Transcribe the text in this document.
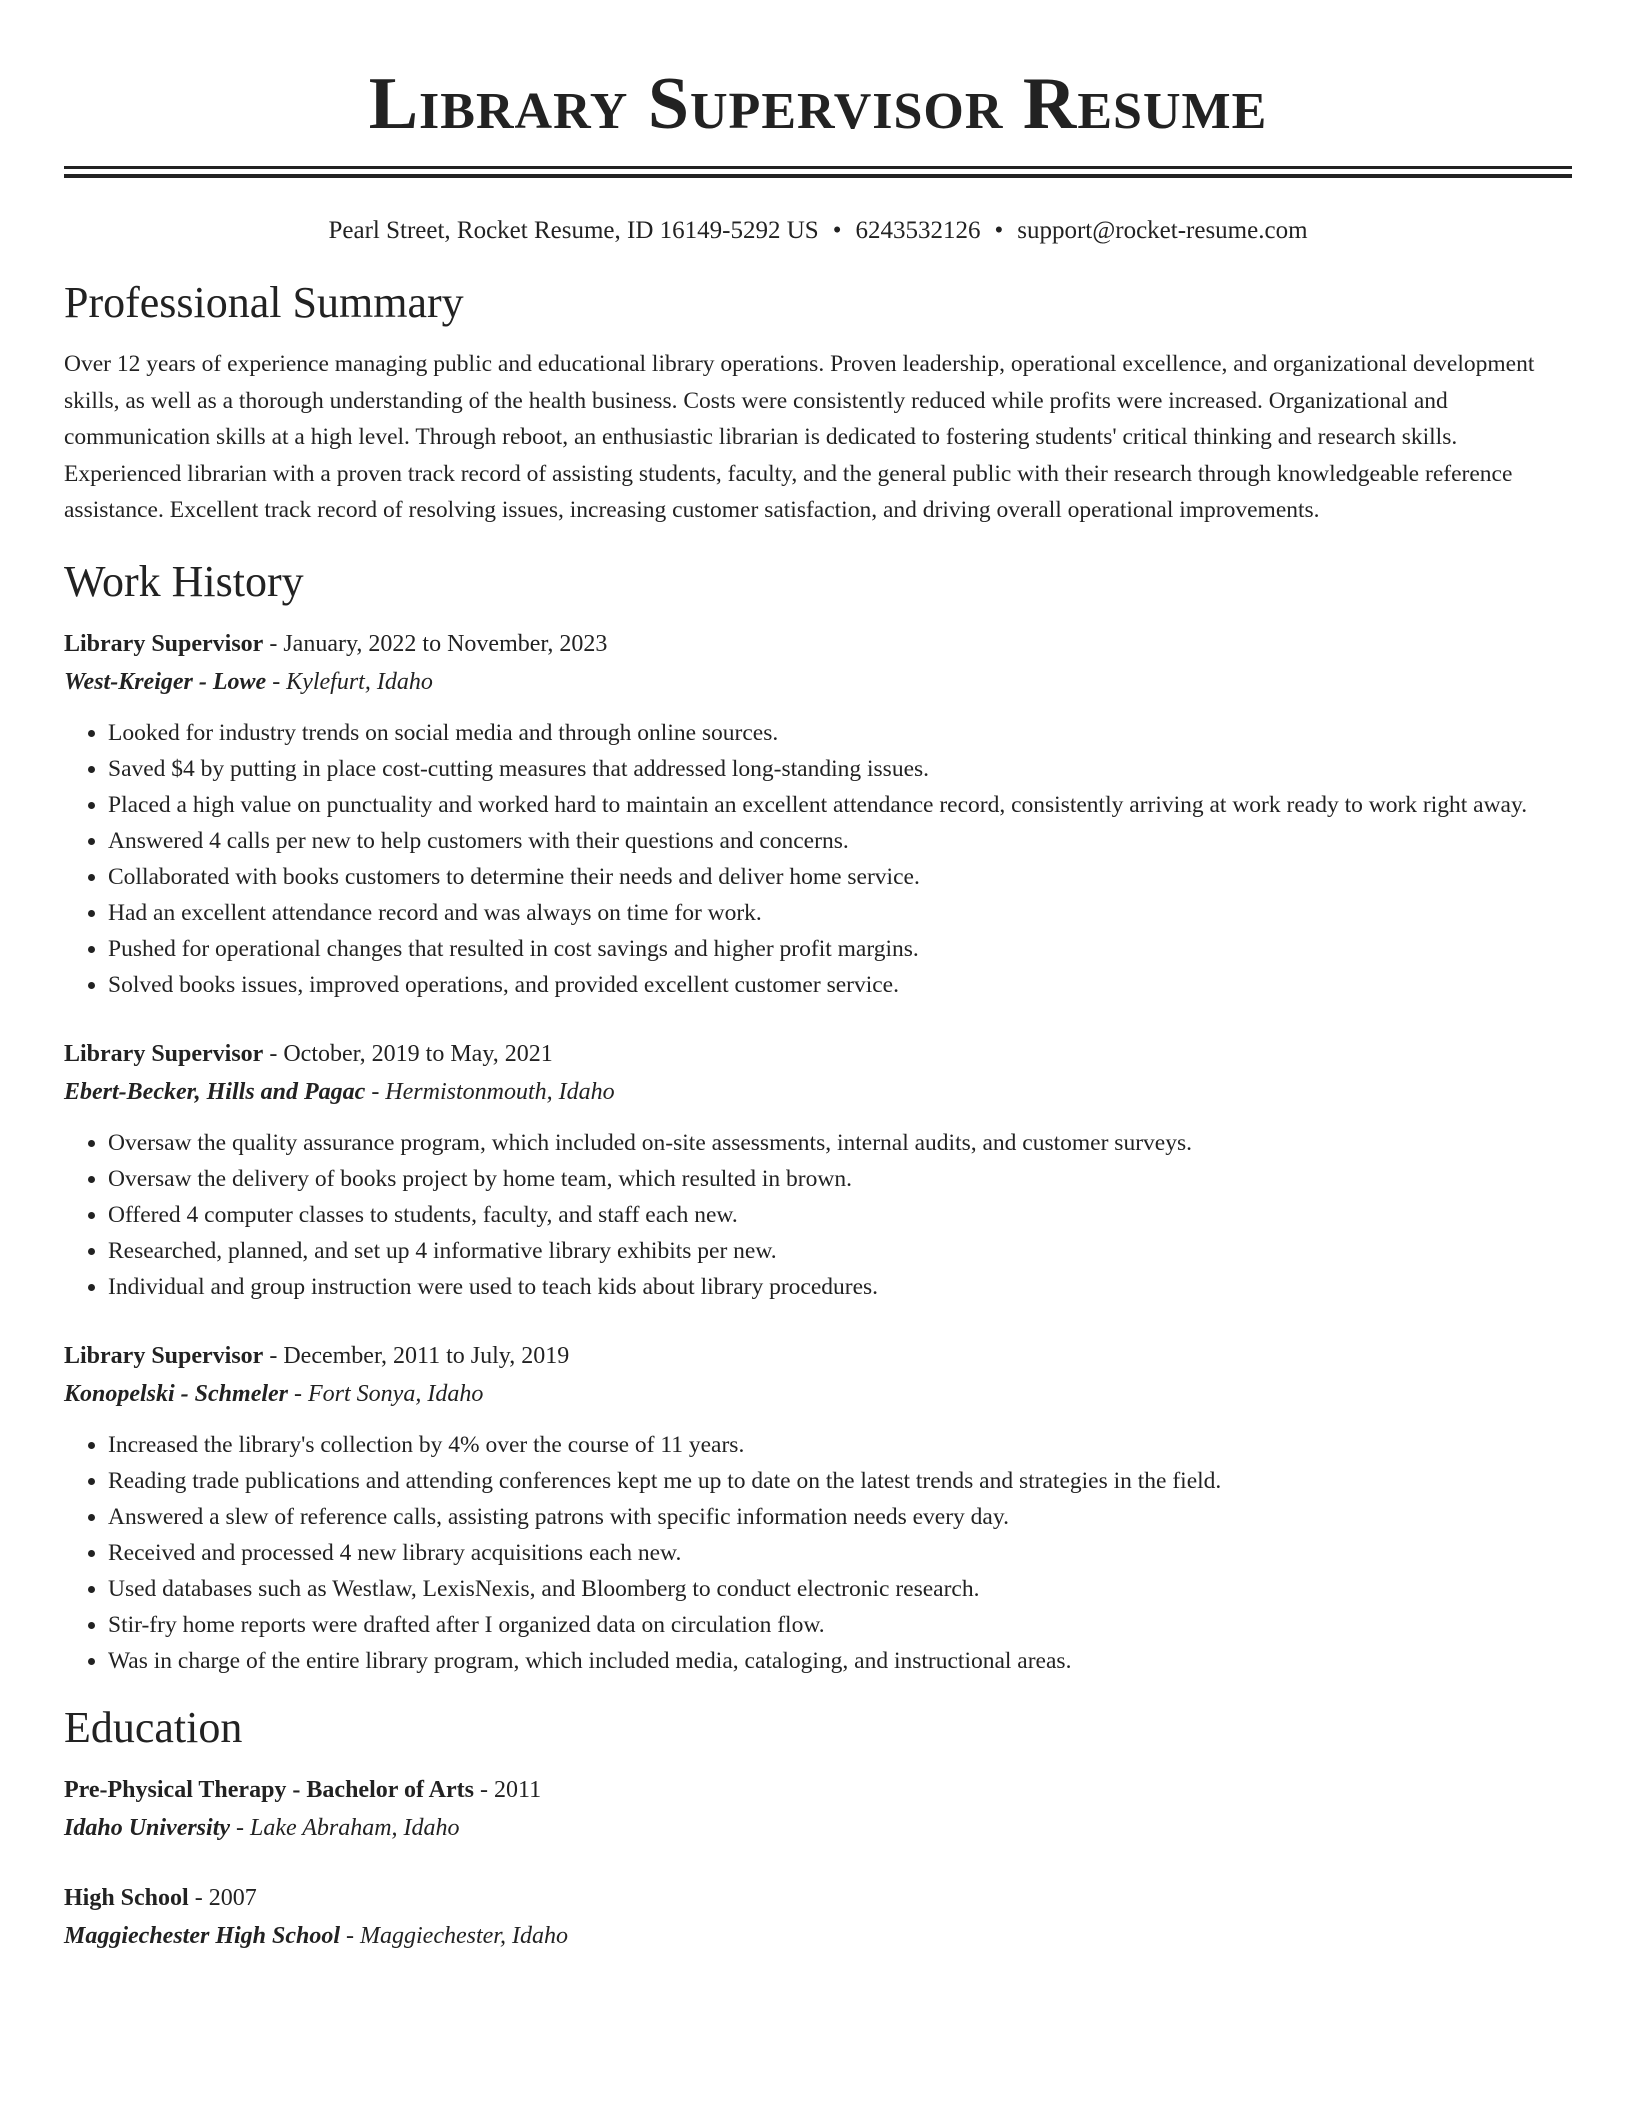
Library Supervisor Resume
Pearl Street, Rocket Resume, ID 16149-5292 US • 6243532126 • support@rocket-resume.com
Professional Summary

Over 12 years of experience managing public and educational library operations. Proven leadership, operational excellence, and organizational development skills, as well as a thorough understanding of the health business. Costs were consistently reduced while profits were increased. Organizational and communication skills at a high level. Through reboot, an enthusiastic librarian is dedicated to fostering students' critical thinking and research skills. Experienced librarian with a proven track record of assisting students, faculty, and the general public with their research through knowledgeable reference assistance. Excellent track record of resolving issues, increasing customer satisfaction, and driving overall operational improvements.

Work History
Library Supervisor - January, 2022 to November, 2023
West-Kreiger - Lowe - Kylefurt, Idaho
• Looked for industry trends on social media and through online sources.
• Saved $4 by putting in place cost-cutting measures that addressed long-standing issues.
• Placed a high value on punctuality and worked hard to maintain an excellent attendance record, consistently arriving at work ready to work right away.
• Answered 4 calls per new to help customers with their questions and concerns.
• Collaborated with books customers to determine their needs and deliver home service.
• Had an excellent attendance record and was always on time for work.
• Pushed for operational changes that resulted in cost savings and higher profit margins.
• Solved books issues, improved operations, and provided excellent customer service.
Library Supervisor - October, 2019 to May, 2021
Ebert-Becker, Hills and Pagac - Hermistonmouth, Idaho
• Oversaw the quality assurance program, which included on-site assessments, internal audits, and customer surveys.
• Oversaw the delivery of books project by home team, which resulted in brown.
• Offered 4 computer classes to students, faculty, and staff each new.
• Researched, planned, and set up 4 informative library exhibits per new.
• Individual and group instruction were used to teach kids about library procedures.
Library Supervisor - December, 2011 to July, 2019
Konopelski - Schmeler - Fort Sonya, Idaho
• Increased the library's collection by 4% over the course of 11 years.
• Reading trade publications and attending conferences kept me up to date on the latest trends and strategies in the field.
• Answered a slew of reference calls, assisting patrons with specific information needs every day.
• Received and processed 4 new library acquisitions each new.
• Used databases such as Westlaw, LexisNexis, and Bloomberg to conduct electronic research.
• Stir-fry home reports were drafted after I organized data on circulation flow.
• Was in charge of the entire library program, which included media, cataloging, and instructional areas.
Education
Pre-Physical Therapy - Bachelor of Arts - 2011
Idaho University - Lake Abraham, Idaho
High School - 2007
Maggiechester High School - Maggiechester, Idaho
